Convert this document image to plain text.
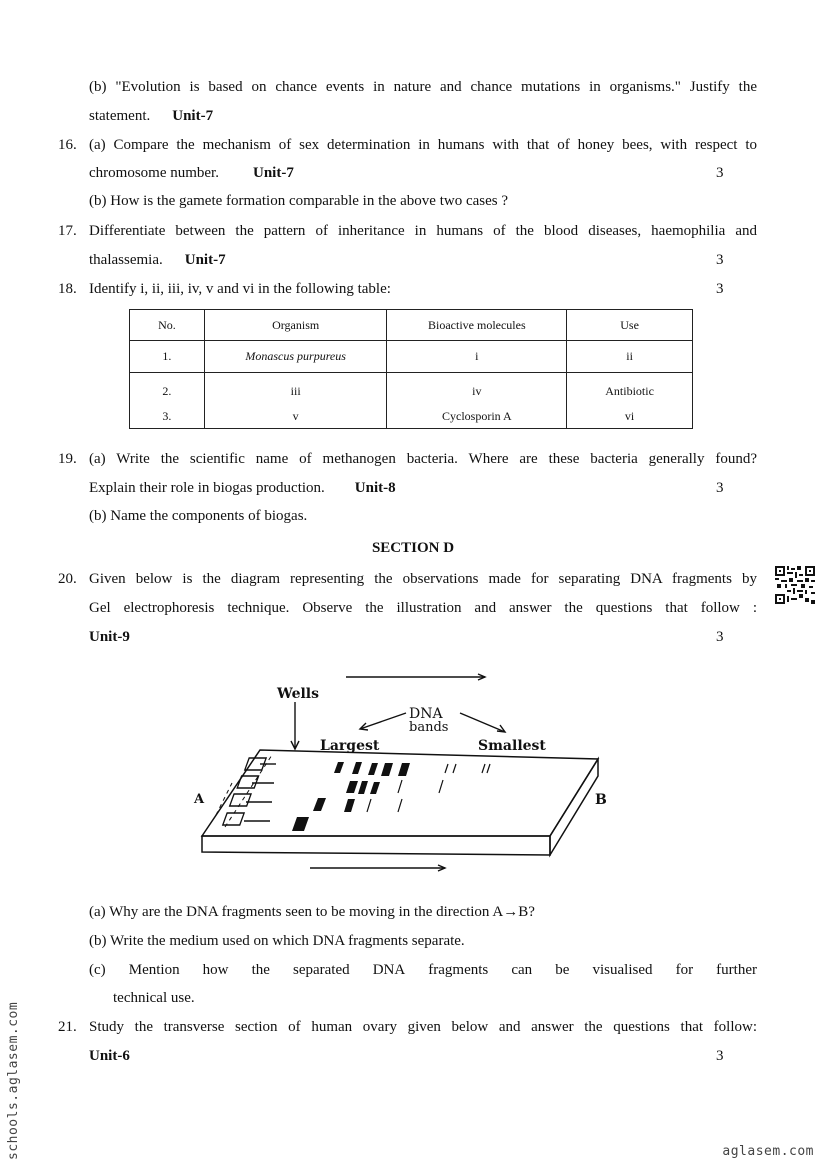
(b) "Evolution is based on chance events in nature and chance mutations in organisms." Justify the
statement. Unit-7
16. (a) Compare the mechanism of sex determination in humans with that of honey bees, with respect to
chromosome number. Unit-7	3
(b) How is the gamete formation comparable in the above two cases ?
17. Differentiate between the pattern of inheritance in humans of the blood diseases, haemophilia and
thalassemia. Unit-7	3
18. Identify i, ii, iii, iv, v and vi in the following table:	3
No.	Organism	Bioactive molecules	Use
1.	Monascus purpureus	i	ii
2.	iii	iv	Antibiotic
3.	v	Cyclosporin A	vi
19. (a) Write the scientific name of methanogen bacteria. Where are these bacteria generally found?
Explain their role in biogas production. Unit-8	3
(b) Name the components of biogas.
SECTION D
20. Given below is the diagram representing the observations made for separating DNA fragments by
Gel electrophoresis technique. Observe the illustration and answer the questions that follow :
Unit-9	3
Wells
DNA
bands
Largest	Smallest
A	B
(a) Why are the DNA fragments seen to be moving in the direction A→B?
(b) Write the medium used on which DNA fragments separate.
(c) Mention how the separated DNA fragments can be visualised for further
technical use.
21. Study the transverse section of human ovary given below and answer the questions that follow:
Unit-6	3
schools.aglasem.com	aglasem.com
